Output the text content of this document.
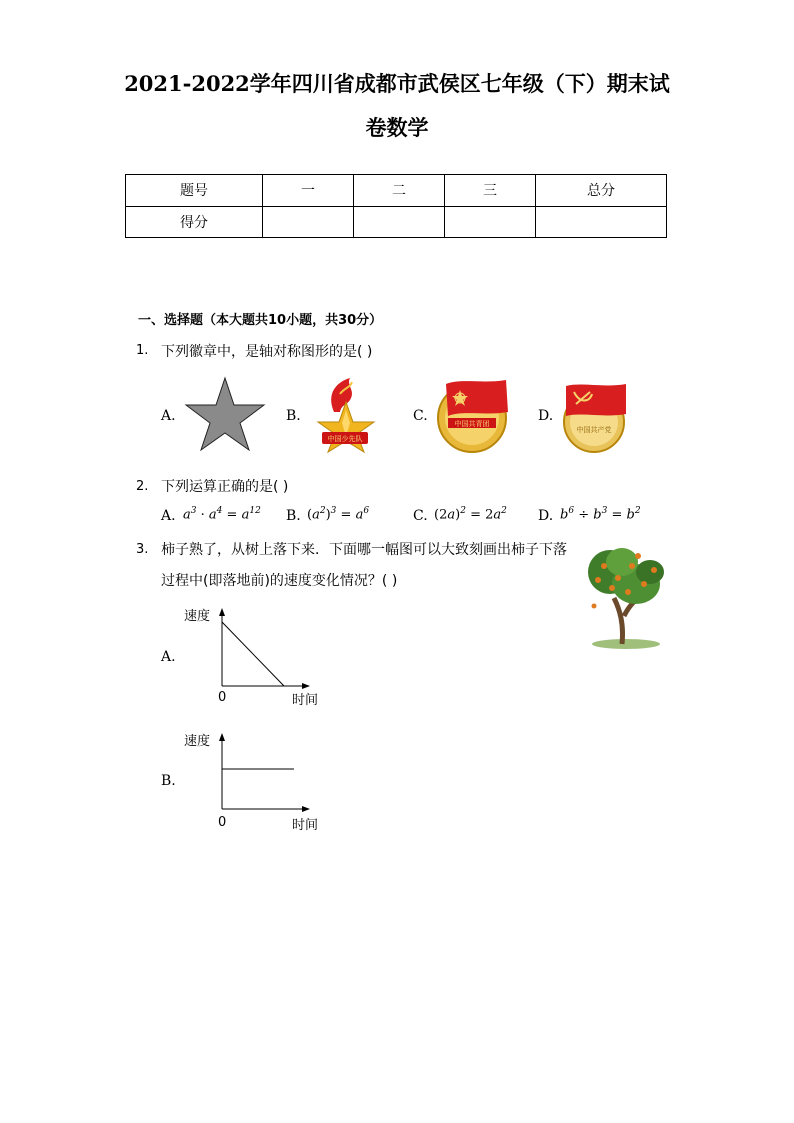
2021-2022学年四川省成都市武侯区七年级（下）期末试
卷数学
题号	一	二	三	总分
得分				
一、选择题（本大题共10小题，共30分）
1. 下列徽章中，是轴对称图形的是( )
A.	B.
中国少先队
C.	中国共青团	D.
中国共产党
2. 下列运算正确的是( )
A. $a^3 \cdot a^4 = a^{12}$ B. $(a^2)^3 = a^6$	C. $(2a)^2 = 2a^2$ D. $b^6 \div b^3 = b^2$
3. 柿子熟了，从树上落下来．下面哪一幅图可以大致刻画出柿子下落
过程中(即落地前)的速度变化情况？( )
A.
速度
0	时间
B.
速度
0	时间
